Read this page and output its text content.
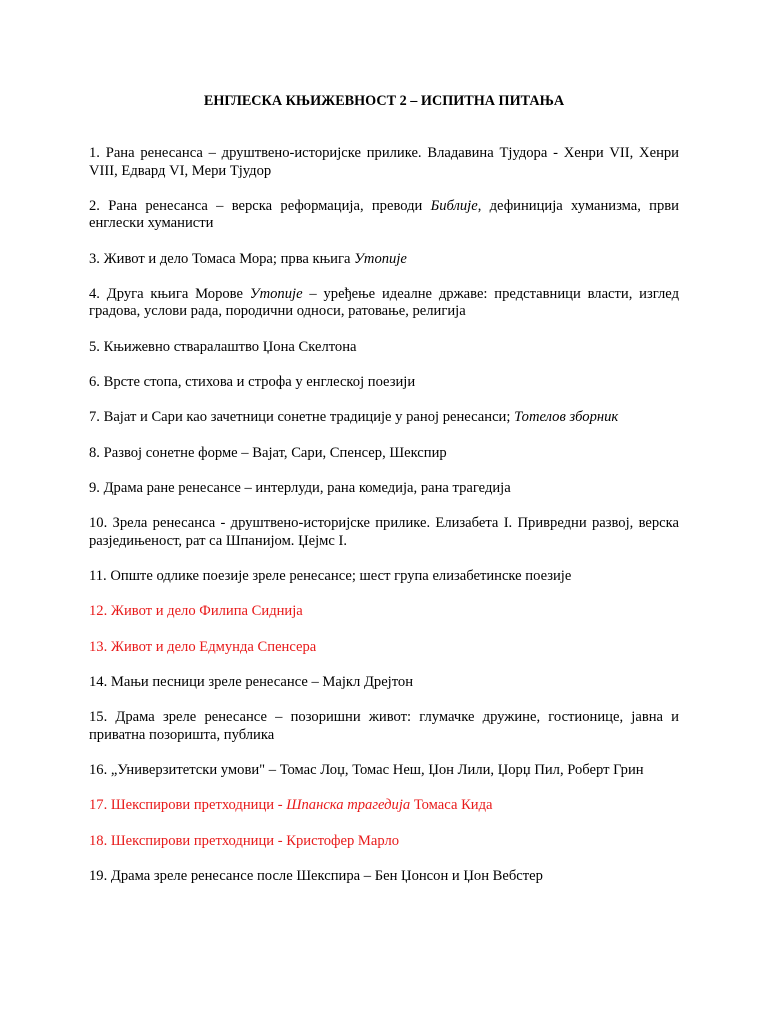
ЕНГЛЕСКА КЊИЖЕВНОСТ 2 – ИСПИТНА ПИТАЊА
1. Рана ренесанса – друштвено-историјске прилике. Владавина Тјудора - Хенри VII, Хенри VIII, Едвард VI, Мери Тјудор
2. Рана ренесанса – верска реформација, преводи Библије, дефиниција хуманизма, први енглески хуманисти
3. Живот и дело Томаса Мора; прва књига Утопије
4. Друга књига Морове Утопије – уређење идеалне државе: представници власти, изглед градова, услови рада, породични односи, ратовање, религија
5. Књижевно стваралаштво Џона Скелтона
6. Врсте стопа, стихова и строфа у енглеској поезији
7. Вајат и Сари као зачетници сонетне традиције у раној ренесанси; Тотелов зборник
8. Развој сонетне форме – Вајат, Сари, Спенсер, Шекспир
9. Драма ране ренесансе – интерлуди, рана комедија, рана трагедија
10. Зрела ренесанса - друштвено-историјске прилике. Елизабета I. Привредни развој, верска разједињеност, рат са Шпанијом. Џејмс I.
11. Опште одлике поезије зреле ренесансе; шест група елизабетинске поезије
12. Живот и дело Филипа Сиднија
13. Живот и дело Едмунда Спенсера
14. Мањи песници зреле ренесансе – Мајкл Дрејтон
15. Драма зреле ренесансе – позоришни живот: глумачке дружине, гостионице, јавна и приватна позоришта, публика
16. „Универзитетски умови" – Томас Лоџ, Томас Неш, Џон Лили, Џорџ Пил, Роберт Грин
17. Шекспирови претходници - Шпанска трагедија Томаса Кида
18. Шекспирови претходници - Кристофер Марло
19. Драма зреле ренесансе после Шекспира – Бен Џонсон и Џон Вебстер
